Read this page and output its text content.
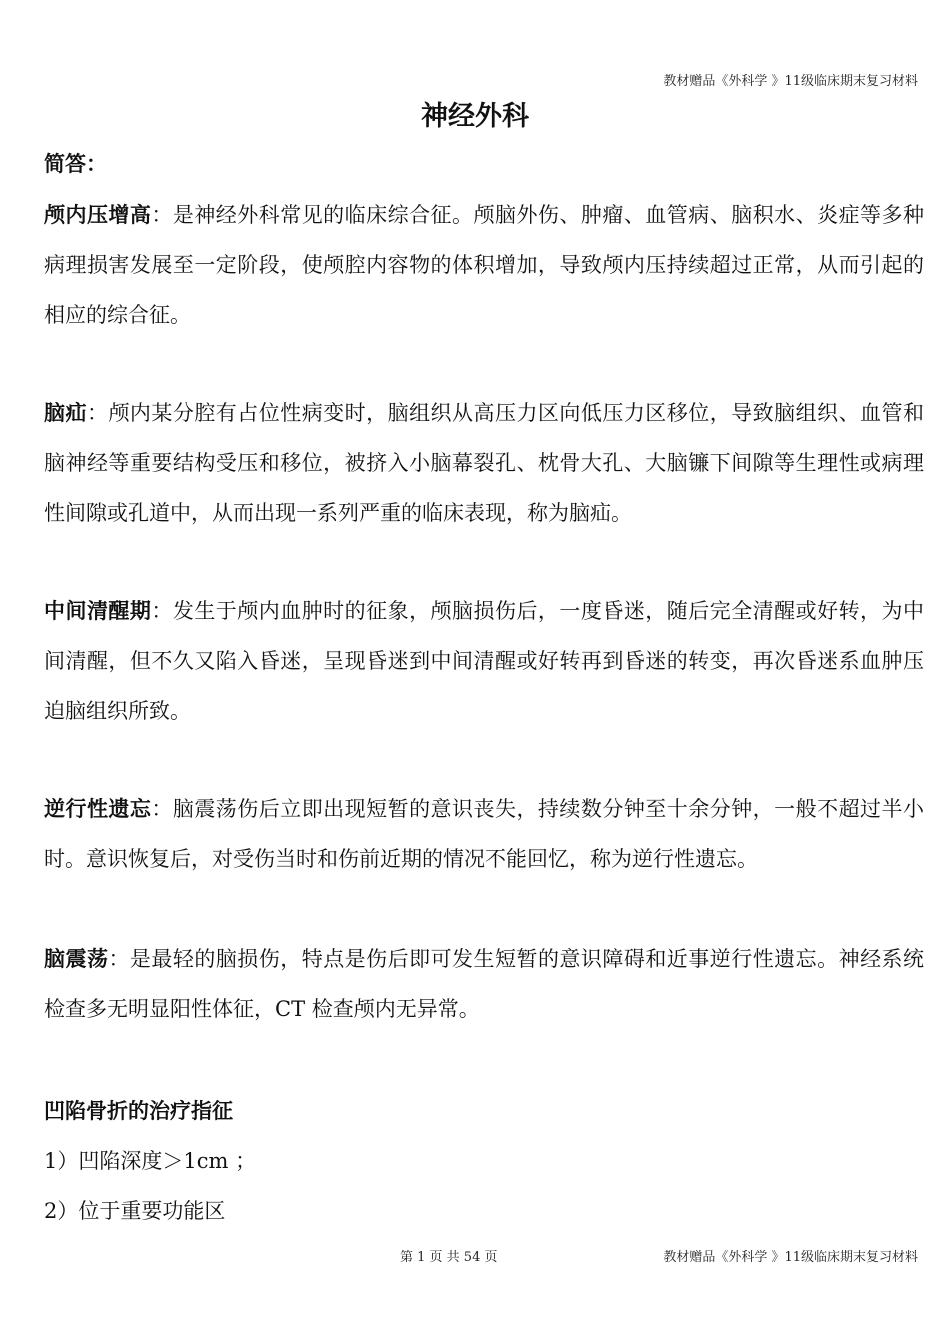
教材赠品《外科学 》11级临床期末复习材料
神经外科
简答：

颅内压增高：是神经外科常见的临床综合征。颅脑外伤、肿瘤、血管病、脑积水、炎症等多种病理损害发展至一定阶段，使颅腔内容物的体积增加，导致颅内压持续超过正常，从而引起的相应的综合征。

脑疝：颅内某分腔有占位性病变时，脑组织从高压力区向低压力区移位，导致脑组织、血管和脑神经等重要结构受压和移位，被挤入小脑幕裂孔、枕骨大孔、大脑镰下间隙等生理性或病理性间隙或孔道中，从而出现一系列严重的临床表现，称为脑疝。

中间清醒期：发生于颅内血肿时的征象，颅脑损伤后，一度昏迷，随后完全清醒或好转，为中间清醒，但不久又陷入昏迷，呈现昏迷到中间清醒或好转再到昏迷的转变，再次昏迷系血肿压迫脑组织所致。

逆行性遗忘：脑震荡伤后立即出现短暂的意识丧失，持续数分钟至十余分钟，一般不超过半小时。意识恢复后，对受伤当时和伤前近期的情况不能回忆，称为逆行性遗忘。

脑震荡：是最轻的脑损伤，特点是伤后即可发生短暂的意识障碍和近事逆行性遗忘。神经系统检查多无明显阳性体征，CT 检查颅内无异常。

凹陷骨折的治疗指征
1）凹陷深度＞1cm ；
2）位于重要功能区
第 1 页 共 54 页	教材赠品《外科学 》11级临床期末复习材料
